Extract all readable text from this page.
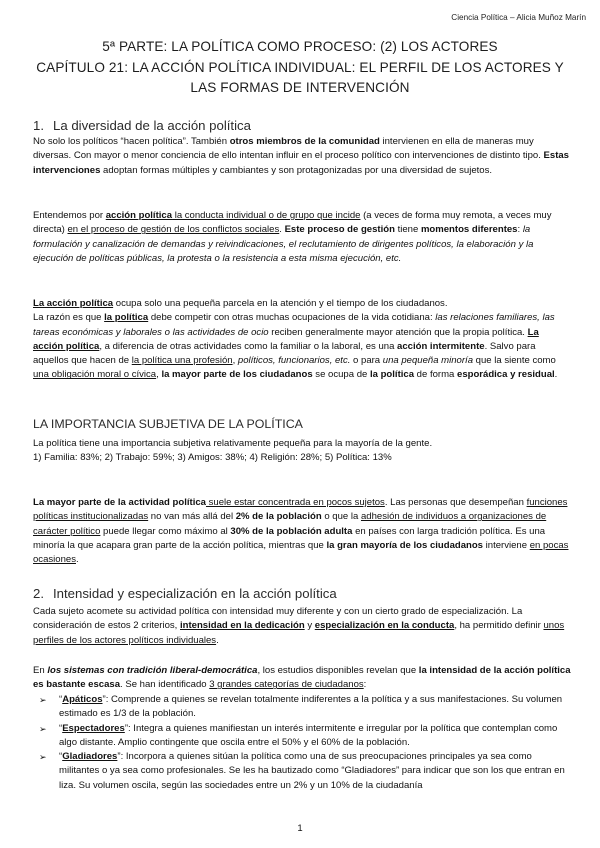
Ciencia Política – Alicia Muñoz Marín
5ª PARTE: LA POLÍTICA COMO PROCESO: (2) LOS ACTORES
CAPÍTULO 21: LA ACCIÓN POLÍTICA INDIVIDUAL: EL PERFIL DE LOS ACTORES Y
LAS FORMAS DE INTERVENCIÓN
1. La diversidad de la acción política

No solo los políticos “hacen política”. También otros miembros de la comunidad intervienen en ella de maneras muy diversas. Con mayor o menor conciencia de ello intentan influir en el proceso político con intervenciones de distinto tipo. Estas intervenciones adoptan formas múltiples y cambiantes y son protagonizadas por una diversidad de sujetos.

Entendemos por acción política la conducta individual o de grupo que incide (a veces de forma muy remota, a veces muy directa) en el proceso de gestión de los conflictos sociales. Este proceso de gestión tiene momentos diferentes: la formulación y canalización de demandas y reivindicaciones, el reclutamiento de dirigentes políticos, la elaboración y la ejecución de políticas públicas, la protesta o la resistencia a esta misma ejecución, etc.

La acción política ocupa solo una pequeña parcela en la atención y el tiempo de los ciudadanos.
La razón es que la política debe competir con otras muchas ocupaciones de la vida cotidiana: las relaciones familiares, las tareas económicas y laborales o las actividades de ocio reciben generalmente mayor atención que la propia política. La acción política, a diferencia de otras actividades como la familiar o la laboral, es una acción intermitente. Salvo para aquellos que hacen de la política una profesión, políticos, funcionarios, etc. o para una pequeña minoría que la siente como una obligación moral o cívica, la mayor parte de los ciudadanos se ocupa de la política de forma esporádica y residual.

LA IMPORTANCIA SUBJETIVA DE LA POLÍTICA

La política tiene una importancia subjetiva relativamente pequeña para la mayoría de la gente.
1) Familia: 83%; 2) Trabajo: 59%; 3) Amigos: 38%; 4) Religión: 28%; 5) Política: 13%

La mayor parte de la actividad política suele estar concentrada en pocos sujetos. Las personas que desempeñan funciones políticas institucionalizadas no van más allá del 2% de la población o que la adhesión de individuos a organizaciones de carácter político puede llegar como máximo al 30% de la población adulta en países con larga tradición política. Es una minoría la que acapara gran parte de la acción política, mientras que la gran mayoría de los ciudadanos interviene en pocas ocasiones.

2. Intensidad y especialización en la acción política

Cada sujeto acomete su actividad política con intensidad muy diferente y con un cierto grado de especialización. La consideración de estos 2 criterios, intensidad en la dedicación y especialización en la conducta, ha permitido definir unos perfiles de los actores políticos individuales.

En los sistemas con tradición liberal-democrática, los estudios disponibles revelan que la intensidad de la acción política es bastante escasa. Se han identificado 3 grandes categorías de ciudadanos:

➢ “Apáticos”: Comprende a quienes se revelan totalmente indiferentes a la política y a sus manifestaciones. Su volumen estimado es 1/3 de la población.
➢ “Espectadores”: Integra a quienes manifiestan un interés intermitente e irregular por la política que contemplan como algo distante. Amplio contingente que oscila entre el 50% y el 60% de la población.
➢ “Gladiadores”: Incorpora a quienes sitúan la política como una de sus preocupaciones principales ya sea como militantes o ya sea como profesionales. Se les ha bautizado como “Gladiadores” para indicar que son los que entran en liza. Su volumen oscila, según las sociedades entre un 2% y un 10% de la ciudadanía
1
